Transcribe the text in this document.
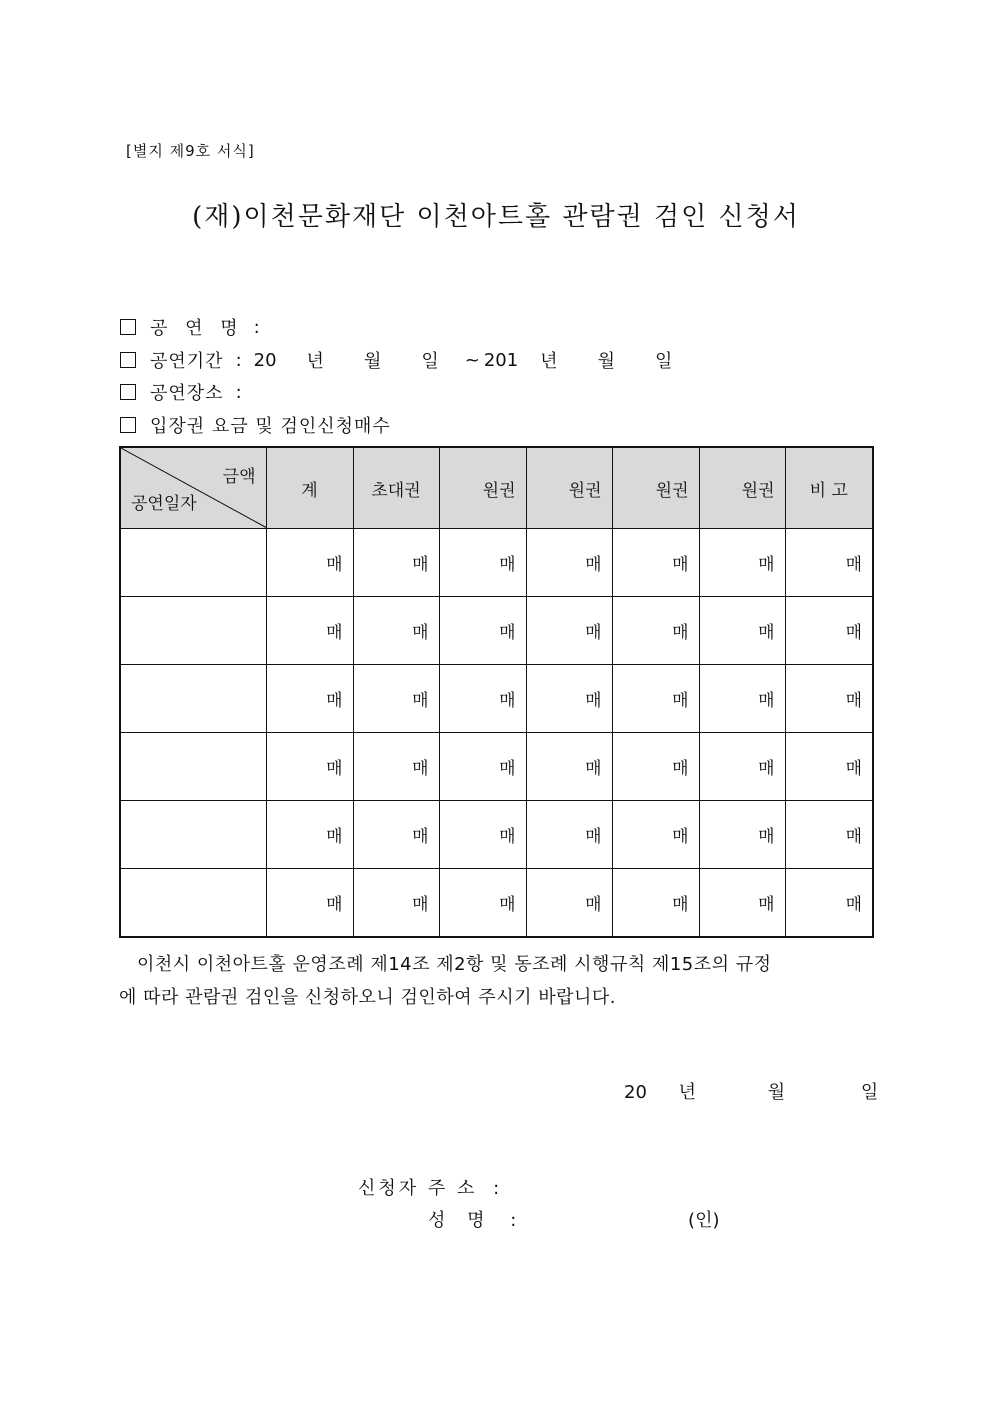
[별지 제9호 서식]
(재)이천문화재단 이천아트홀 관람권 검인 신청서
공 연 명 :
공연기간 : 20 년 월 일 ~ 201 년 월 일
공연장소 :
입장권 요금 및 검인신청매수
금액
공연일자	계	초대권	원권	원권	원권	원권	비 고
	매	매	매	매	매	매	매
	매	매	매	매	매	매	매
	매	매	매	매	매	매	매
	매	매	매	매	매	매	매
	매	매	매	매	매	매	매
	매	매	매	매	매	매	매
이천시 이천아트홀 운영조례 제14조 제2항 및 동조례 시행규칙 제15조의 규정
에 따라 관람권 검인을 신청하오니 검인하여 주시기 바랍니다.
20 년	월	일
신청자 주 소 :
성 명 :	(인)
